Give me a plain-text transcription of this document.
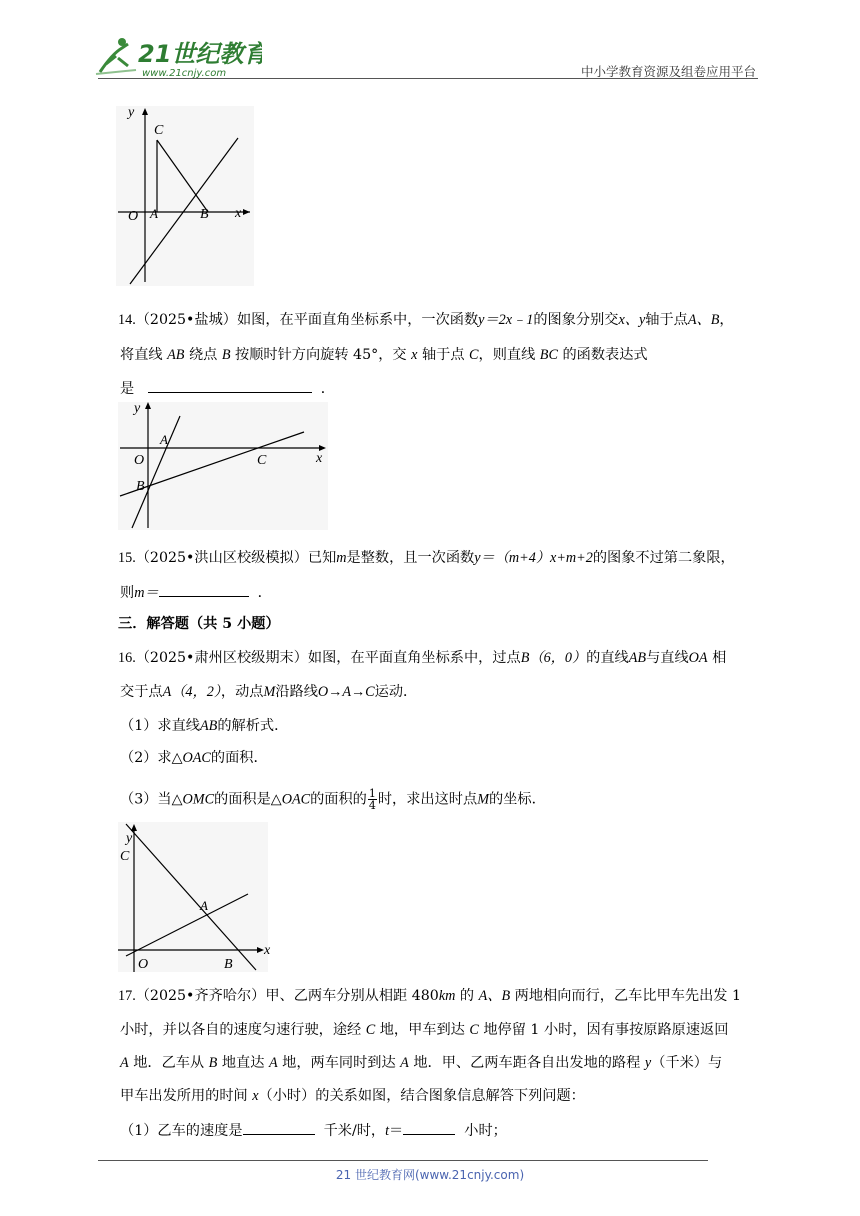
21世纪教育
www.21cnjy.com	中小学教育资源及组卷应用平台
y
C
O A	B x
14.（2025•盐城）如图，在平面直角坐标系中，一次函数y＝2x﹣1的图象分别交x、y轴于点A、B，
将直线 AB 绕点 B 按顺时针方向旋转 45°，交 x 轴于点 C，则直线 BC 的函数表达式
是	．
y
A
O	C	x
B
15.（2025•洪山区校级模拟）已知m是整数，且一次函数y＝（m+4）x+m+2的图象不过第二象限，
则m＝	．
三．解答题（共 5 小题）
16.（2025•肃州区校级期末）如图，在平面直角坐标系中，过点B（6，0）的直线AB与直线OA 相
交于点A（4，2），动点M沿路线O→A→C运动．
（1）求直线AB的解析式．
（2）求△OAC的面积．
（3）当△OMC的面积是△OAC的面积的 $\frac{1}{4}$ 时，求出这时点M的坐标．
y
C
A
x
O	B
17.（2025•齐齐哈尔）甲、乙两车分别从相距 480km 的 A、B 两地相向而行，乙车比甲车先出发 1
小时，并以各自的速度匀速行驶，途经 C 地，甲车到达 C 地停留 1 小时，因有事按原路原速返回
A 地．乙车从 B 地直达 A 地，两车同时到达 A 地．甲、乙两车距各自出发地的路程 y（千米）与
甲车出发所用的时间 x（小时）的关系如图，结合图象信息解答下列问题：
（1）乙车的速度是	千米/时，t＝	小时；
21 世纪教育网(www.21cnjy.com)
